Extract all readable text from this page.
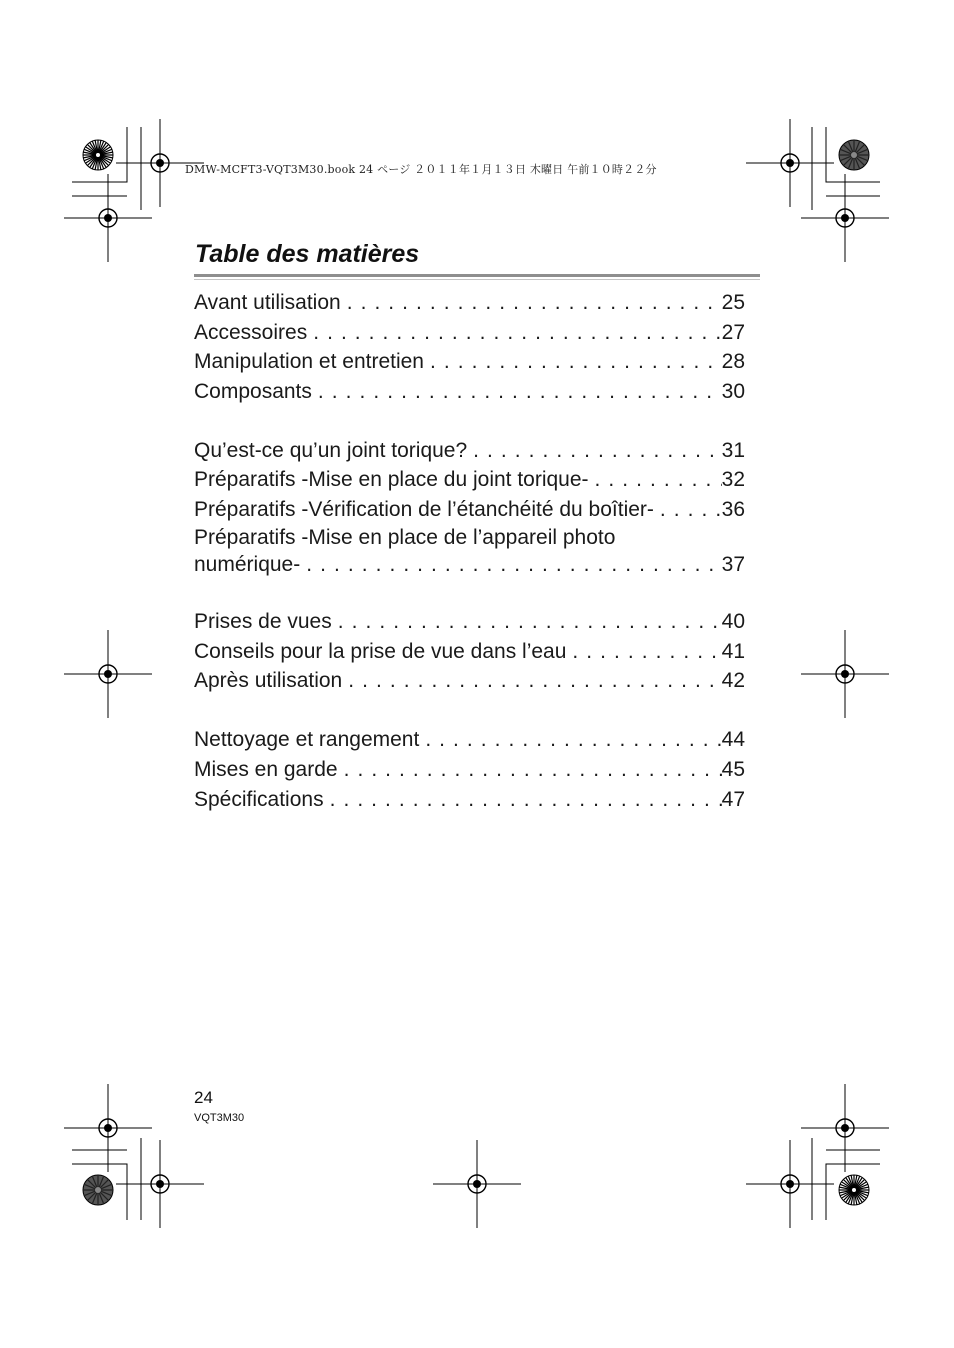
DMW-MCFT3-VQT3M30.book 24 ページ ２０１１年１月１３日 木曜日 午前１０時２２分
Table des matières
Avant utilisation . . .	25
Accessoires . . .	27
Manipulation et entretien . . .	28
Composants . . .	30
Qu’est-ce qu’un joint torique? . . .	31
Préparatifs -Mise en place du joint torique- . . .	32
Préparatifs -Vérification de l’étanchéité du boîtier- . . .	36
Préparatifs -Mise en place de l’appareil photo
numérique- . . .	37
Prises de vues . . .	40
Conseils pour la prise de vue dans l’eau . . .	41
Après utilisation . . .	42
Nettoyage et rangement . . .	44
Mises en garde . . .	45
Spécifications . . .	47
24
VQT3M30
